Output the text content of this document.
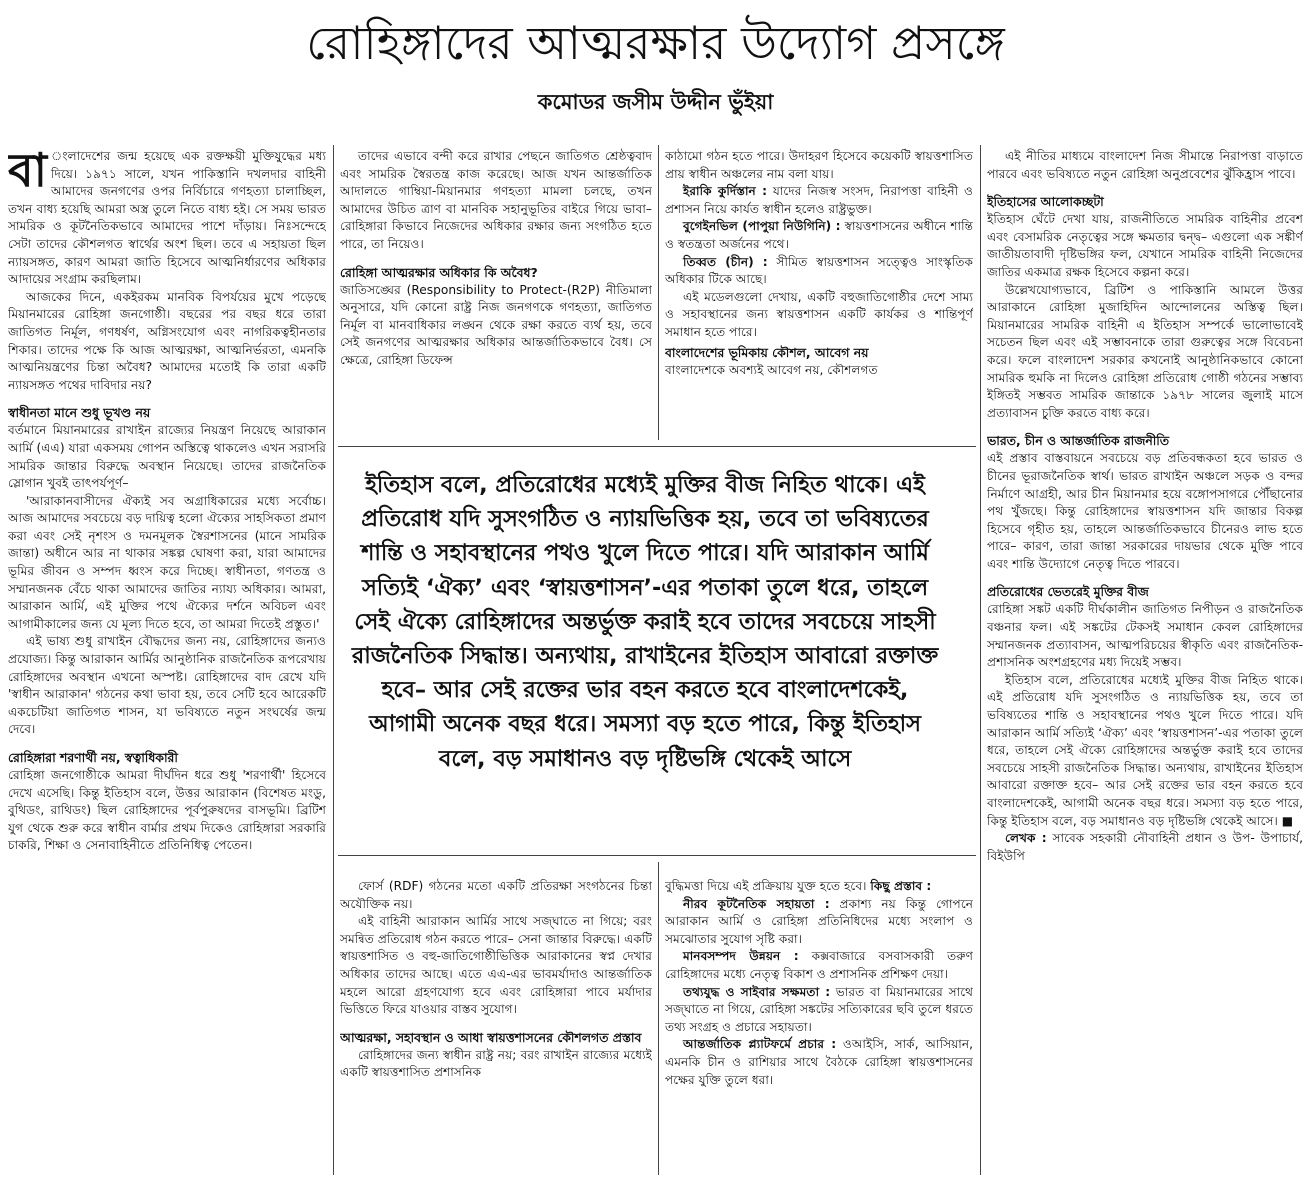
রোহিঙ্গাদের আত্মরক্ষার উদ্যোগ প্রসঙ্গে
কমোডর জসীম উদ্দীন ভুঁইয়া

বা ংলাদেশের জন্ম হয়েছে এক রক্তক্ষয়ী মুক্তিযুদ্ধের মধ্য দিয়ে। ১৯৭১ সালে, যখন পাকিস্তানি দখলদার বাহিনী আমাদের জনগণের ওপর নির্বিচারে গণহত্যা চালাচ্ছিল, তখন বাধ্য হয়েছি আমরা অস্ত্র তুলে নিতে বাধ্য হই। সে সময় ভারত সামরিক ও কূটনৈতিকভাবে আমাদের পাশে দাঁড়ায়। নিঃসন্দেহে সেটা তাদের কৌশলগত স্বার্থের অংশ ছিল। তবে এ সহায়তা ছিল ন্যায়সঙ্গত, কারণ আমরা জাতি হিসেবে আত্মনির্ধারণের অধিকার আদায়ের সংগ্রাম করছিলাম।

আজকের দিনে, একইরকম মানবিক বিপর্যয়ের মুখে পড়েছে মিয়ানমারের রোহিঙ্গা জনগোষ্ঠী। বছরের পর বছর ধরে তারা জাতিগত নির্মূল, গণধর্ষণ, অগ্নিসংযোগ এবং নাগরিকত্বহীনতার শিকার। তাদের পক্ষে কি আজ আত্মরক্ষা, আত্মনির্ভরতা, এমনকি আত্মনিয়ন্ত্রণের চিন্তা অবৈধ? আমাদের মতোই কি তারা একটি ন্যায়সঙ্গত পথের দাবিদার নয়?

স্বাধীনতা মানে শুধু ভূখণ্ড নয়

বর্তমানে মিয়ানমারের রাখাইন রাজ্যের নিয়ন্ত্রণ নিয়েছে আরাকান আর্মি (এএ) যারা একসময় গোপন অস্তিত্বে থাকলেও এখন সরাসরি সামরিক জান্তার বিরুদ্ধে অবস্থান নিয়েছে। তাদের রাজনৈতিক স্লোগান খুবই তাৎপর্যপূর্ণ–

'আরাকানবাসীদের ঐক্যই সব অগ্রাধিকারের মধ্যে সর্বোচ্চ। আজ আমাদের সবচেয়ে বড় দায়িত্ব হলো ঐক্যের সাহসিকতা প্রমাণ করা এবং সেই নৃশংস ও দমনমূলক স্বৈরশাসনের (মানে সামরিক জান্তা) অধীনে আর না থাকার সঙ্কল্প ঘোষণা করা, যারা আমাদের ভূমির জীবন ও সম্পদ ধ্বংস করে দিচ্ছে। স্বাধীনতা, গণতন্ত্র ও সম্মানজনক বেঁচে থাকা আমাদের জাতির ন্যায্য অধিকার। আমরা, আরাকান আর্মি, এই মুক্তির পথে ঐক্যের দর্শনে অবিচল এবং আগামীকালের জন্য যে মূল্য দিতে হবে, তা আমরা দিতেই প্রস্তুত।'

এই ভাষ্য শুধু রাখাইন বৌদ্ধদের জন্য নয়, রোহিঙ্গাদের জন্যও প্রযোজ্য। কিন্তু আরাকান আর্মির আনুষ্ঠানিক রাজনৈতিক রূপরেখায় রোহিঙ্গাদের অবস্থান এখনো অস্পষ্ট। রোহিঙ্গাদের বাদ রেখে যদি 'স্বাধীন আরাকান' গঠনের কথা ভাবা হয়, তবে সেটি হবে আরেকটি একচেটিয়া জাতিগত শাসন, যা ভবিষ্যতে নতুন সংঘর্ষের জন্ম দেবে।

রোহিঙ্গারা শরণার্থী নয়, স্বত্বাধিকারী

রোহিঙ্গা জনগোষ্ঠীকে আমরা দীর্ঘদিন ধরে শুধু 'শরণার্থী' হিসেবে দেখে এসেছি। কিন্তু ইতিহাস বলে, উত্তর আরাকান (বিশেষত মংডু, বুথিডং, রাথিডং) ছিল রোহিঙ্গাদের পূর্বপুরুষদের বাসভূমি। ব্রিটিশ যুগ থেকে শুরু করে স্বাধীন বার্মার প্রথম দিকেও রোহিঙ্গারা সরকারি চাকরি, শিক্ষা ও সেনাবাহিনীতে প্রতিনিধিত্ব পেতেন।

তাদের এভাবে বন্দী করে রাখার পেছনে জাতিগত শ্রেষ্ঠত্ববাদ এবং সামরিক স্বৈরতন্ত্র কাজ করেছে। আজ যখন আন্তর্জাতিক আদালতে গাম্বিয়া-মিয়ানমার গণহত্যা মামলা চলছে, তখন আমাদের উচিত ত্রাণ বা মানবিক সহানুভূতির বাইরে গিয়ে ভাবা– রোহিঙ্গারা কিভাবে নিজেদের অধিকার রক্ষার জন্য সংগঠিত হতে পারে, তা নিয়েও।

রোহিঙ্গা আত্মরক্ষার অধিকার কি অবৈধ?

জাতিসঙ্ঘের (Responsibility to Protect-(R2P) নীতিমালা অনুসারে, যদি কোনো রাষ্ট্র নিজ জনগণকে গণহত্যা, জাতিগত নির্মূল বা মানবাধিকার লঙ্ঘন থেকে রক্ষা করতে ব্যর্থ হয়, তবে সেই জনগণের আত্মরক্ষার অধিকার আন্তর্জাতিকভাবে বৈধ। সে ক্ষেত্রে, রোহিঙ্গা ডিফেন্স

কাঠামো গঠন হতে পারে। উদাহরণ হিসেবে কয়েকটি স্বায়ত্তশাসিত প্রায় স্বাধীন অঞ্চলের নাম বলা যায়।

ইরাকি কুর্দিস্তান : যাদের নিজস্ব সংসদ, নিরাপত্তা বাহিনী ও প্রশাসন নিয়ে কার্যত স্বাধীন হলেও রাষ্ট্রভুক্ত।

বুগেইনভিল (পাপুয়া নিউগিনি) : স্বায়ত্তশাসনের অধীনে শান্তি ও স্বতন্ত্রতা অর্জনের পথে।

তিব্বত (চীন) : সীমিত স্বায়ত্তশাসন সত্ত্বেও সাংস্কৃতিক অধিকার টিকে আছে।

এই মডেলগুলো দেখায়, একটি বহুজাতিগোষ্ঠীর দেশে সাম্য ও সহাবস্থানের জন্য স্বায়ত্তশাসন একটি কার্যকর ও শান্তিপূর্ণ সমাধান হতে পারে।

বাংলাদেশের ভূমিকায় কৌশল, আবেগ নয়

বাংলাদেশকে অবশ্যই আবেগ নয়, কৌশলগত

ইতিহাস বলে, প্রতিরোধের মধ্যেই মুক্তির বীজ নিহিত থাকে। এই প্রতিরোধ যদি সুসংগঠিত ও ন্যায়ভিত্তিক হয়, তবে তা ভবিষ্যতের শান্তি ও সহাবস্থানের পথও খুলে দিতে পারে। যদি আরাকান আর্মি সত্যিই ‘ঐক্য’ এবং ‘স্বায়ত্তশাসন’-এর পতাকা তুলে ধরে, তাহলে সেই ঐক্যে রোহিঙ্গাদের অন্তর্ভুক্ত করাই হবে তাদের সবচেয়ে সাহসী রাজনৈতিক সিদ্ধান্ত। অন্যথায়, রাখাইনের ইতিহাস আবারো রক্তাক্ত হবে– আর সেই রক্তের ভার বহন করতে হবে বাংলাদেশকেই, আগামী অনেক বছর ধরে। সমস্যা বড় হতে পারে, কিন্তু ইতিহাস বলে, বড় সমাধানও বড় দৃষ্টিভঙ্গি থেকেই আসে

ফোর্স (RDF) গঠনের মতো একটি প্রতিরক্ষা সংগঠনের চিন্তা অযৌক্তিক নয়।

এই বাহিনী আরাকান আর্মির সাথে সজ্ঘাতে না গিয়ে; বরং সমন্বিত প্রতিরোধ গঠন করতে পারে– সেনা জান্তার বিরুদ্ধে। একটি স্বায়ত্তশাসিত ও বহু-জাতিগোষ্ঠীভিত্তিক আরাকানের স্বপ্ন দেখার অধিকার তাদের আছে। এতে এএ-এর ভাবমর্যাদাও আন্তর্জাতিক মহলে আরো গ্রহণযোগ্য হবে এবং রোহিঙ্গারা পাবে মর্যাদার ভিত্তিতে ফিরে যাওয়ার বাস্তব সুযোগ।

আত্মরক্ষা, সহাবস্থান ও আধা স্বায়ত্তশাসনের কৌশলগত প্রস্তাব

রোহিঙ্গাদের জন্য স্বাধীন রাষ্ট্র নয়; বরং রাখাইন রাজ্যের মধ্যেই একটি স্বায়ত্তশাসিত প্রশাসনিক

বুদ্ধিমত্তা দিয়ে এই প্রক্রিয়ায় যুক্ত হতে হবে। কিছু প্রস্তাব :

নীরব কূটনৈতিক সহায়তা : প্রকাশ্য নয় কিন্তু গোপনে আরাকান আর্মি ও রোহিঙ্গা প্রতিনিধিদের মধ্যে সংলাপ ও সমঝোতার সুযোগ সৃষ্টি করা।

মানবসম্পদ উন্নয়ন : কক্সবাজারে বসবাসকারী তরুণ রোহিঙ্গাদের মধ্যে নেতৃত্ব বিকাশ ও প্রশাসনিক প্রশিক্ষণ দেয়া।

তথ্যযুদ্ধ ও সাইবার সক্ষমতা : ভারত বা মিয়ানমারের সাথে সজ্ঘাতে না গিয়ে, রোহিঙ্গা সঙ্কটের সত্যিকারের ছবি তুলে ধরতে তথ্য সংগ্রহ ও প্রচারে সহায়তা।

আন্তর্জাতিক প্ল্যাটফর্মে প্রচার : ওআইসি, সার্ক, আসিয়ান, এমনকি চীন ও রাশিয়ার সাথে বৈঠকে রোহিঙ্গা স্বায়ত্তশাসনের পক্ষের যুক্তি তুলে ধরা।

এই নীতির মাধ্যমে বাংলাদেশ নিজ সীমান্তে নিরাপত্তা বাড়াতে পারবে এবং ভবিষ্যতে নতুন রোহিঙ্গা অনুপ্রবেশের ঝুঁকিহ্রাস পাবে।

ইতিহাসের আলোকচ্ছটা

ইতিহাস ঘেঁটে দেখা যায়, রাজনীতিতে সামরিক বাহিনীর প্রবেশ এবং বেসামরিক নেতৃত্বের সঙ্গে ক্ষমতার দ্বন্দ্ব– এগুলো এক সঙ্কীর্ণ জাতীয়তাবাদী দৃষ্টিভঙ্গির ফল, যেখানে সামরিক বাহিনী নিজেদের জাতির একমাত্র রক্ষক হিসেবে কল্পনা করে।

উল্লেখযোগ্যভাবে, ব্রিটিশ ও পাকিস্তানি আমলে উত্তর আরাকানে রোহিঙ্গা মুজাহিদিন আন্দোলনের অস্তিত্ব ছিল। মিয়ানমারের সামরিক বাহিনী এ ইতিহাস সম্পর্কে ভালোভাবেই সচেতন ছিল এবং এই সম্ভাবনাকে তারা গুরুত্বের সঙ্গে বিবেচনা করে। ফলে বাংলাদেশ সরকার কখনোই আনুষ্ঠানিকভাবে কোনো সামরিক হুমকি না দিলেও রোহিঙ্গা প্রতিরোধ গোষ্ঠী গঠনের সম্ভাব্য ইঙ্গিতই সম্ভবত সামরিক জান্তাকে ১৯৭৮ সালের জুলাই মাসে প্রত্যাবাসন চুক্তি করতে বাধ্য করে।

ভারত, চীন ও আন্তর্জাতিক রাজনীতি

এই প্রস্তাব বাস্তবায়নে সবচেয়ে বড় প্রতিবন্ধকতা হবে ভারত ও চীনের ভূরাজনৈতিক স্বার্থ। ভারত রাখাইন অঞ্চলে সড়ক ও বন্দর নির্মাণে আগ্রহী, আর চীন মিয়ানমার হয়ে বঙ্গোপসাগরে পৌঁছানোর পথ খুঁজছে। কিন্তু রোহিঙ্গাদের স্বায়ত্তশাসন যদি জান্তার বিকল্প হিসেবে গৃহীত হয়, তাহলে আন্তর্জাতিকভাবে চীনেরও লাভ হতে পারে– কারণ, তারা জান্তা সরকারের দায়ভার থেকে মুক্তি পাবে এবং শান্তি উদ্যোগে নেতৃত্ব দিতে পারবে।

প্রতিরোধের ভেতরেই মুক্তির বীজ

রোহিঙ্গা সঙ্কট একটি দীর্ঘকালীন জাতিগত নিপীড়ন ও রাজনৈতিক বঞ্চনার ফল। এই সঙ্কটের টেকসই সমাধান কেবল রোহিঙ্গাদের সম্মানজনক প্রত্যাবাসন, আত্মপরিচয়ের স্বীকৃতি এবং রাজনৈতিক-প্রশাসনিক অংশগ্রহণের মধ্য দিয়েই সম্ভব।

ইতিহাস বলে, প্রতিরোধের মধ্যেই মুক্তির বীজ নিহিত থাকে। এই প্রতিরোধ যদি সুসংগঠিত ও ন্যায়ভিত্তিক হয়, তবে তা ভবিষ্যতের শান্তি ও সহাবস্থানের পথও খুলে দিতে পারে। যদি আরাকান আর্মি সত্যিই ‘ঐক্য’ এবং ‘স্বায়ত্তশাসন’-এর পতাকা তুলে ধরে, তাহলে সেই ঐক্যে রোহিঙ্গাদের অন্তর্ভুক্ত করাই হবে তাদের সবচেয়ে সাহসী রাজনৈতিক সিদ্ধান্ত। অন্যথায়, রাখাইনের ইতিহাস আবারো রক্তাক্ত হবে– আর সেই রক্তের ভার বহন করতে হবে বাংলাদেশকেই, আগামী অনেক বছর ধরে। সমস্যা বড় হতে পারে, কিন্তু ইতিহাস বলে, বড় সমাধানও বড় দৃষ্টিভঙ্গি থেকেই আসে। ■

লেখক : সাবেক সহকারী নৌবাহিনী প্রধান ও উপ- উপাচার্য, বিইউপি
